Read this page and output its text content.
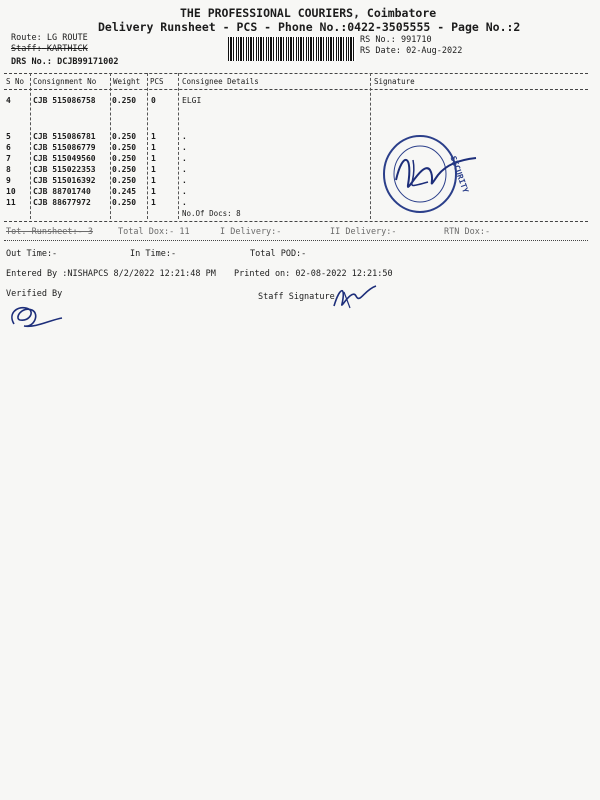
THE PROFESSIONAL COURIERS, Coimbatore
Delivery Runsheet - PCS - Phone No.:0422-3505555 - Page No.:2
Route: LG ROUTE
Staff: KARTHICK
DRS No.: DCJB99171002
RS No.: 991710
RS Date: 02-Aug-2022
S No Consignment No Weight PCS Consignee Details	Signature
4	CJB 515086758 0.250 0	ELGI
5	CJB 515086781 0.250 1	.
6	CJB 515086779 0.250 1	.
7	CJB 515049560 0.250 1	.
8	CJB 515022353 0.250 1	.
9	CJB 515016392 0.250 1	.
10 CJB 88701740	0.245 1	.
11 CJB 88677972	0.250 1	.
No.Of Docs: 8
SECURITY
Tot. Runsheet:- 3	Total Dox:- 11	I Delivery:-	II Delivery:-	RTN Dox:-
Out Time:-	In Time:-	Total POD:-
Entered By :NISHAPCS 8/2/2022 12:21:48 PM Printed on: 02-08-2022 12:21:50
Verified By	Staff Signature
